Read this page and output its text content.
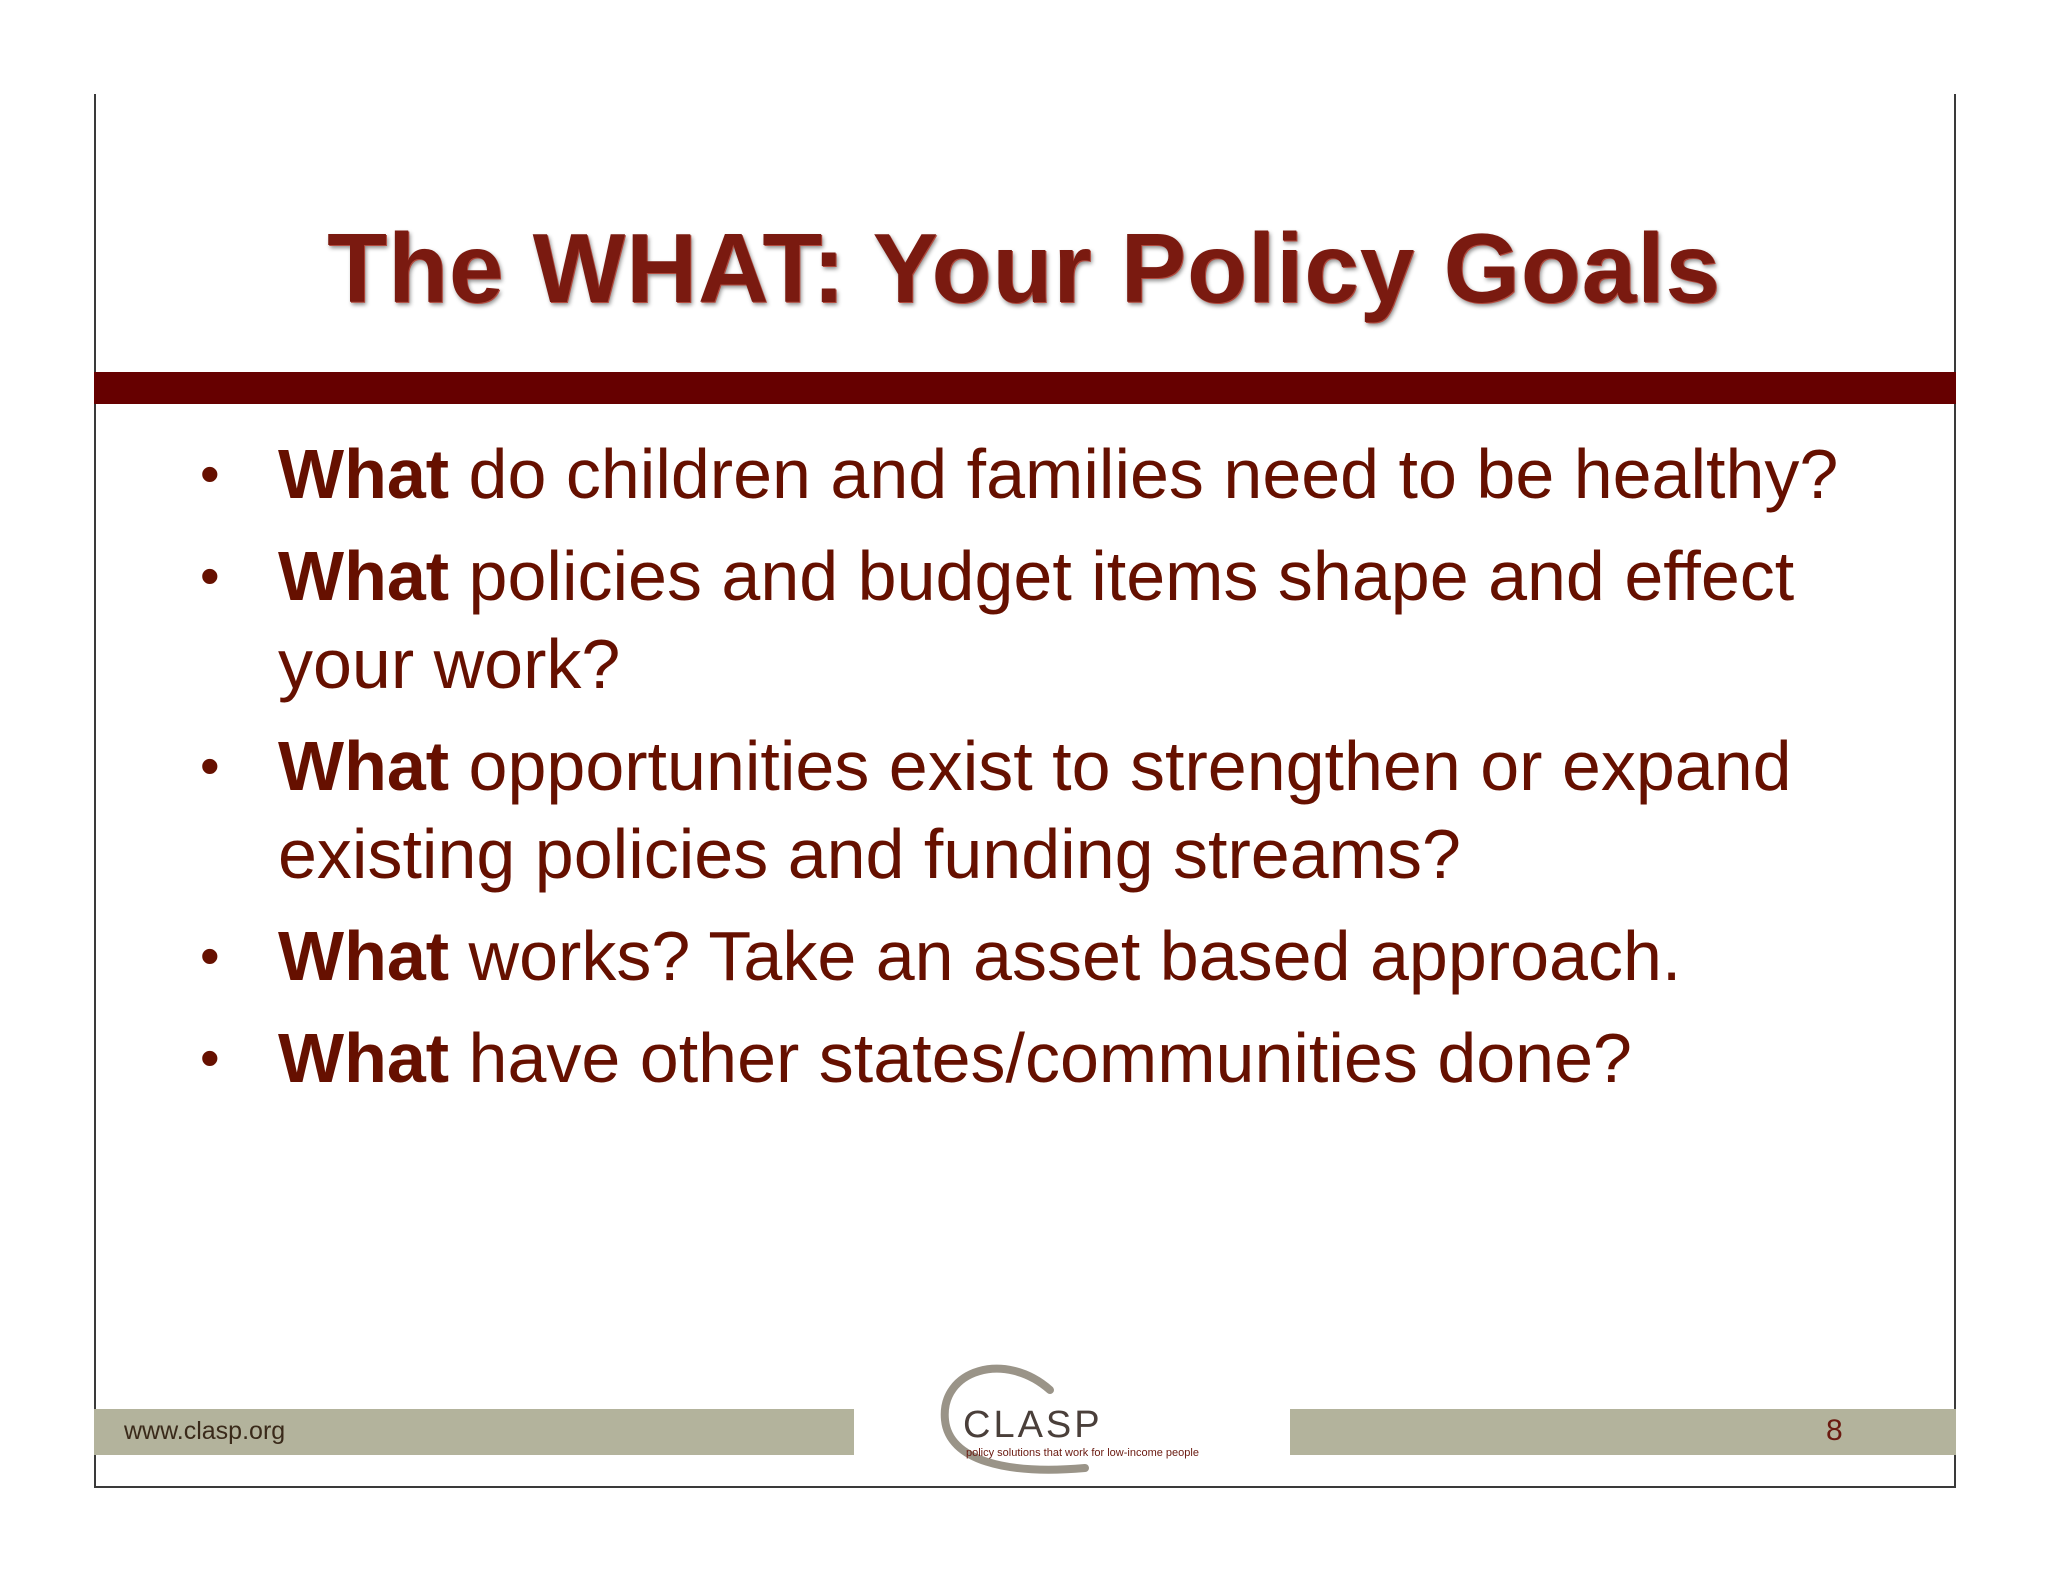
The WHAT: Your Policy Goals
• What do children and families need to be healthy?
• What policies and budget items shape and effect your work?
• What opportunities exist to strengthen or expand existing policies and funding streams?
• What works? Take an asset based approach.
• What have other states/communities done?
www.clasp.org	8
CLASP
policy solutions that work for low-income people
